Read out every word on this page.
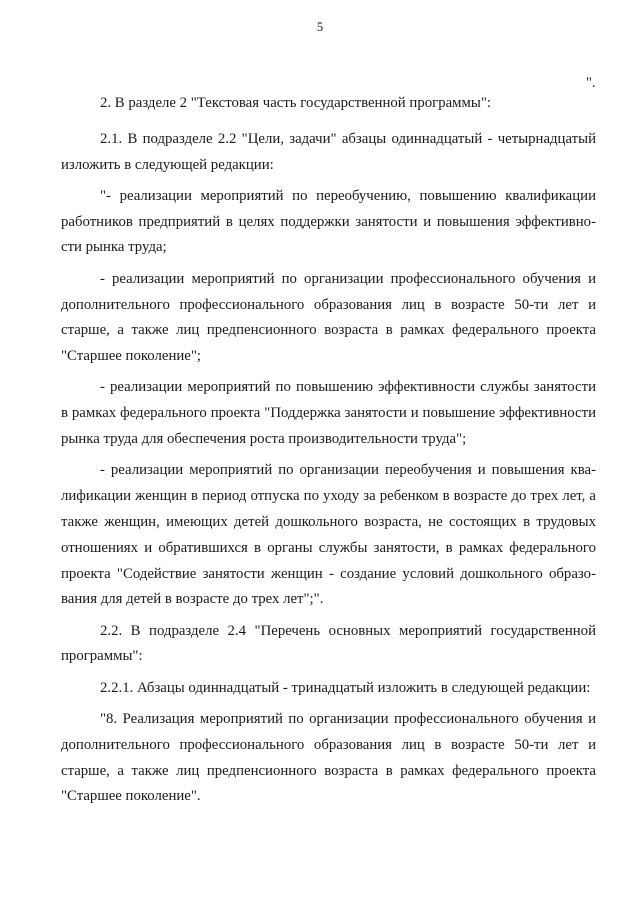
5
".

2. В разделе 2 "Текстовая часть государственной программы":

2.1. В подразделе 2.2 "Цели, задачи" абзацы одиннадцатый - четырнадцатый изложить в следующей редакции:

"- реализации мероприятий по переобучению, повышению квалификации работников предприятий в целях поддержки занятости и повышения эффективности рынка труда;

- реализации мероприятий по организации профессионального обучения и дополнительного профессионального образования лиц в возрасте 50-ти лет и старше, а также лиц предпенсионного возраста в рамках федерального проекта "Старшее поколение";

- реализации мероприятий по повышению эффективности службы занятости в рамках федерального проекта "Поддержка занятости и повышение эффективности рынка труда для обеспечения роста производительности труда";

- реализации мероприятий по организации переобучения и повышения квалификации женщин в период отпуска по уходу за ребенком в возрасте до трех лет, а также женщин, имеющих детей дошкольного возраста, не состоящих в трудовых отношениях и обратившихся в органы службы занятости, в рамках федерального проекта "Содействие занятости женщин - создание условий дошкольного образования для детей в возрасте до трех лет";".

2.2. В подразделе 2.4 "Перечень основных мероприятий государственной программы":

2.2.1. Абзацы одиннадцатый - тринадцатый изложить в следующей редакции:

"8. Реализация мероприятий по организации профессионального обучения и дополнительного профессионального образования лиц в возрасте 50-ти лет и старше, а также лиц предпенсионного возраста в рамках федерального проекта "Старшее поколение".
